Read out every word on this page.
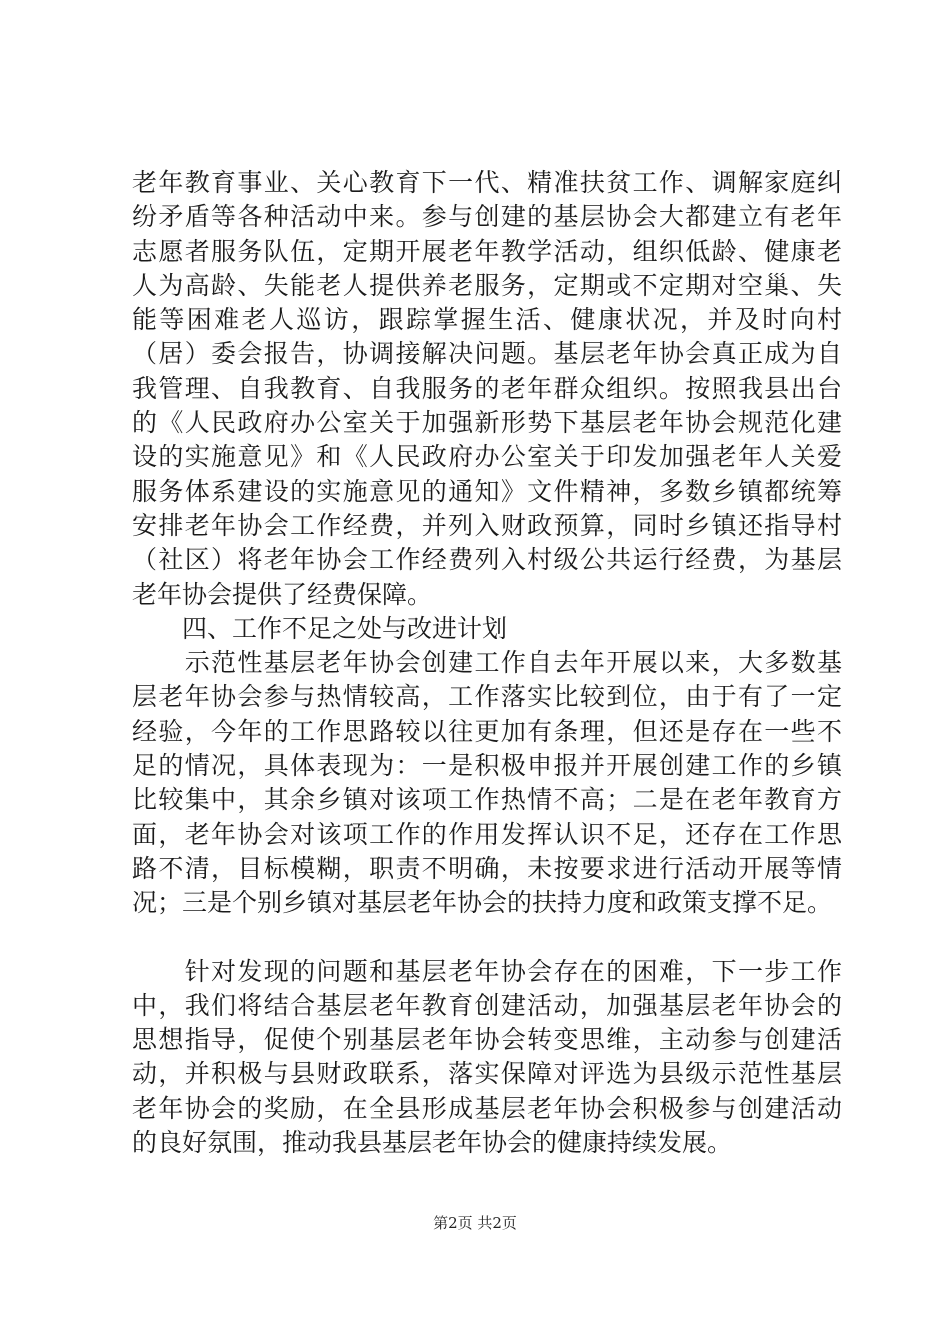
老年教育事业、关心教育下一代、精准扶贫工作、调解家庭纠
纷矛盾等各种活动中来。参与创建的基层协会大都建立有老年
志愿者服务队伍，定期开展老年教学活动，组织低龄、健康老
人为高龄、失能老人提供养老服务，定期或不定期对空巢、失
能等困难老人巡访，跟踪掌握生活、健康状况，并及时向村
（居）委会报告，协调接解决问题。基层老年协会真正成为自
我管理、自我教育、自我服务的老年群众组织。按照我县出台
的《人民政府办公室关于加强新形势下基层老年协会规范化建
设的实施意见》和《人民政府办公室关于印发加强老年人关爱
服务体系建设的实施意见的通知》文件精神，多数乡镇都统筹
安排老年协会工作经费，并列入财政预算，同时乡镇还指导村
（社区）将老年协会工作经费列入村级公共运行经费，为基层
老年协会提供了经费保障。
　　四、工作不足之处与改进计划
　　示范性基层老年协会创建工作自去年开展以来，大多数基
层老年协会参与热情较高，工作落实比较到位，由于有了一定
经验，今年的工作思路较以往更加有条理，但还是存在一些不
足的情况，具体表现为：一是积极申报并开展创建工作的乡镇
比较集中，其余乡镇对该项工作热情不高；二是在老年教育方
面，老年协会对该项工作的作用发挥认识不足，还存在工作思
路不清，目标模糊，职责不明确，未按要求进行活动开展等情
况；三是个别乡镇对基层老年协会的扶持力度和政策支撑不足。
　　针对发现的问题和基层老年协会存在的困难，下一步工作
中，我们将结合基层老年教育创建活动，加强基层老年协会的
思想指导，促使个别基层老年协会转变思维，主动参与创建活
动，并积极与县财政联系，落实保障对评选为县级示范性基层
老年协会的奖励，在全县形成基层老年协会积极参与创建活动
的良好氛围，推动我县基层老年协会的健康持续发展。
第2页 共2页
